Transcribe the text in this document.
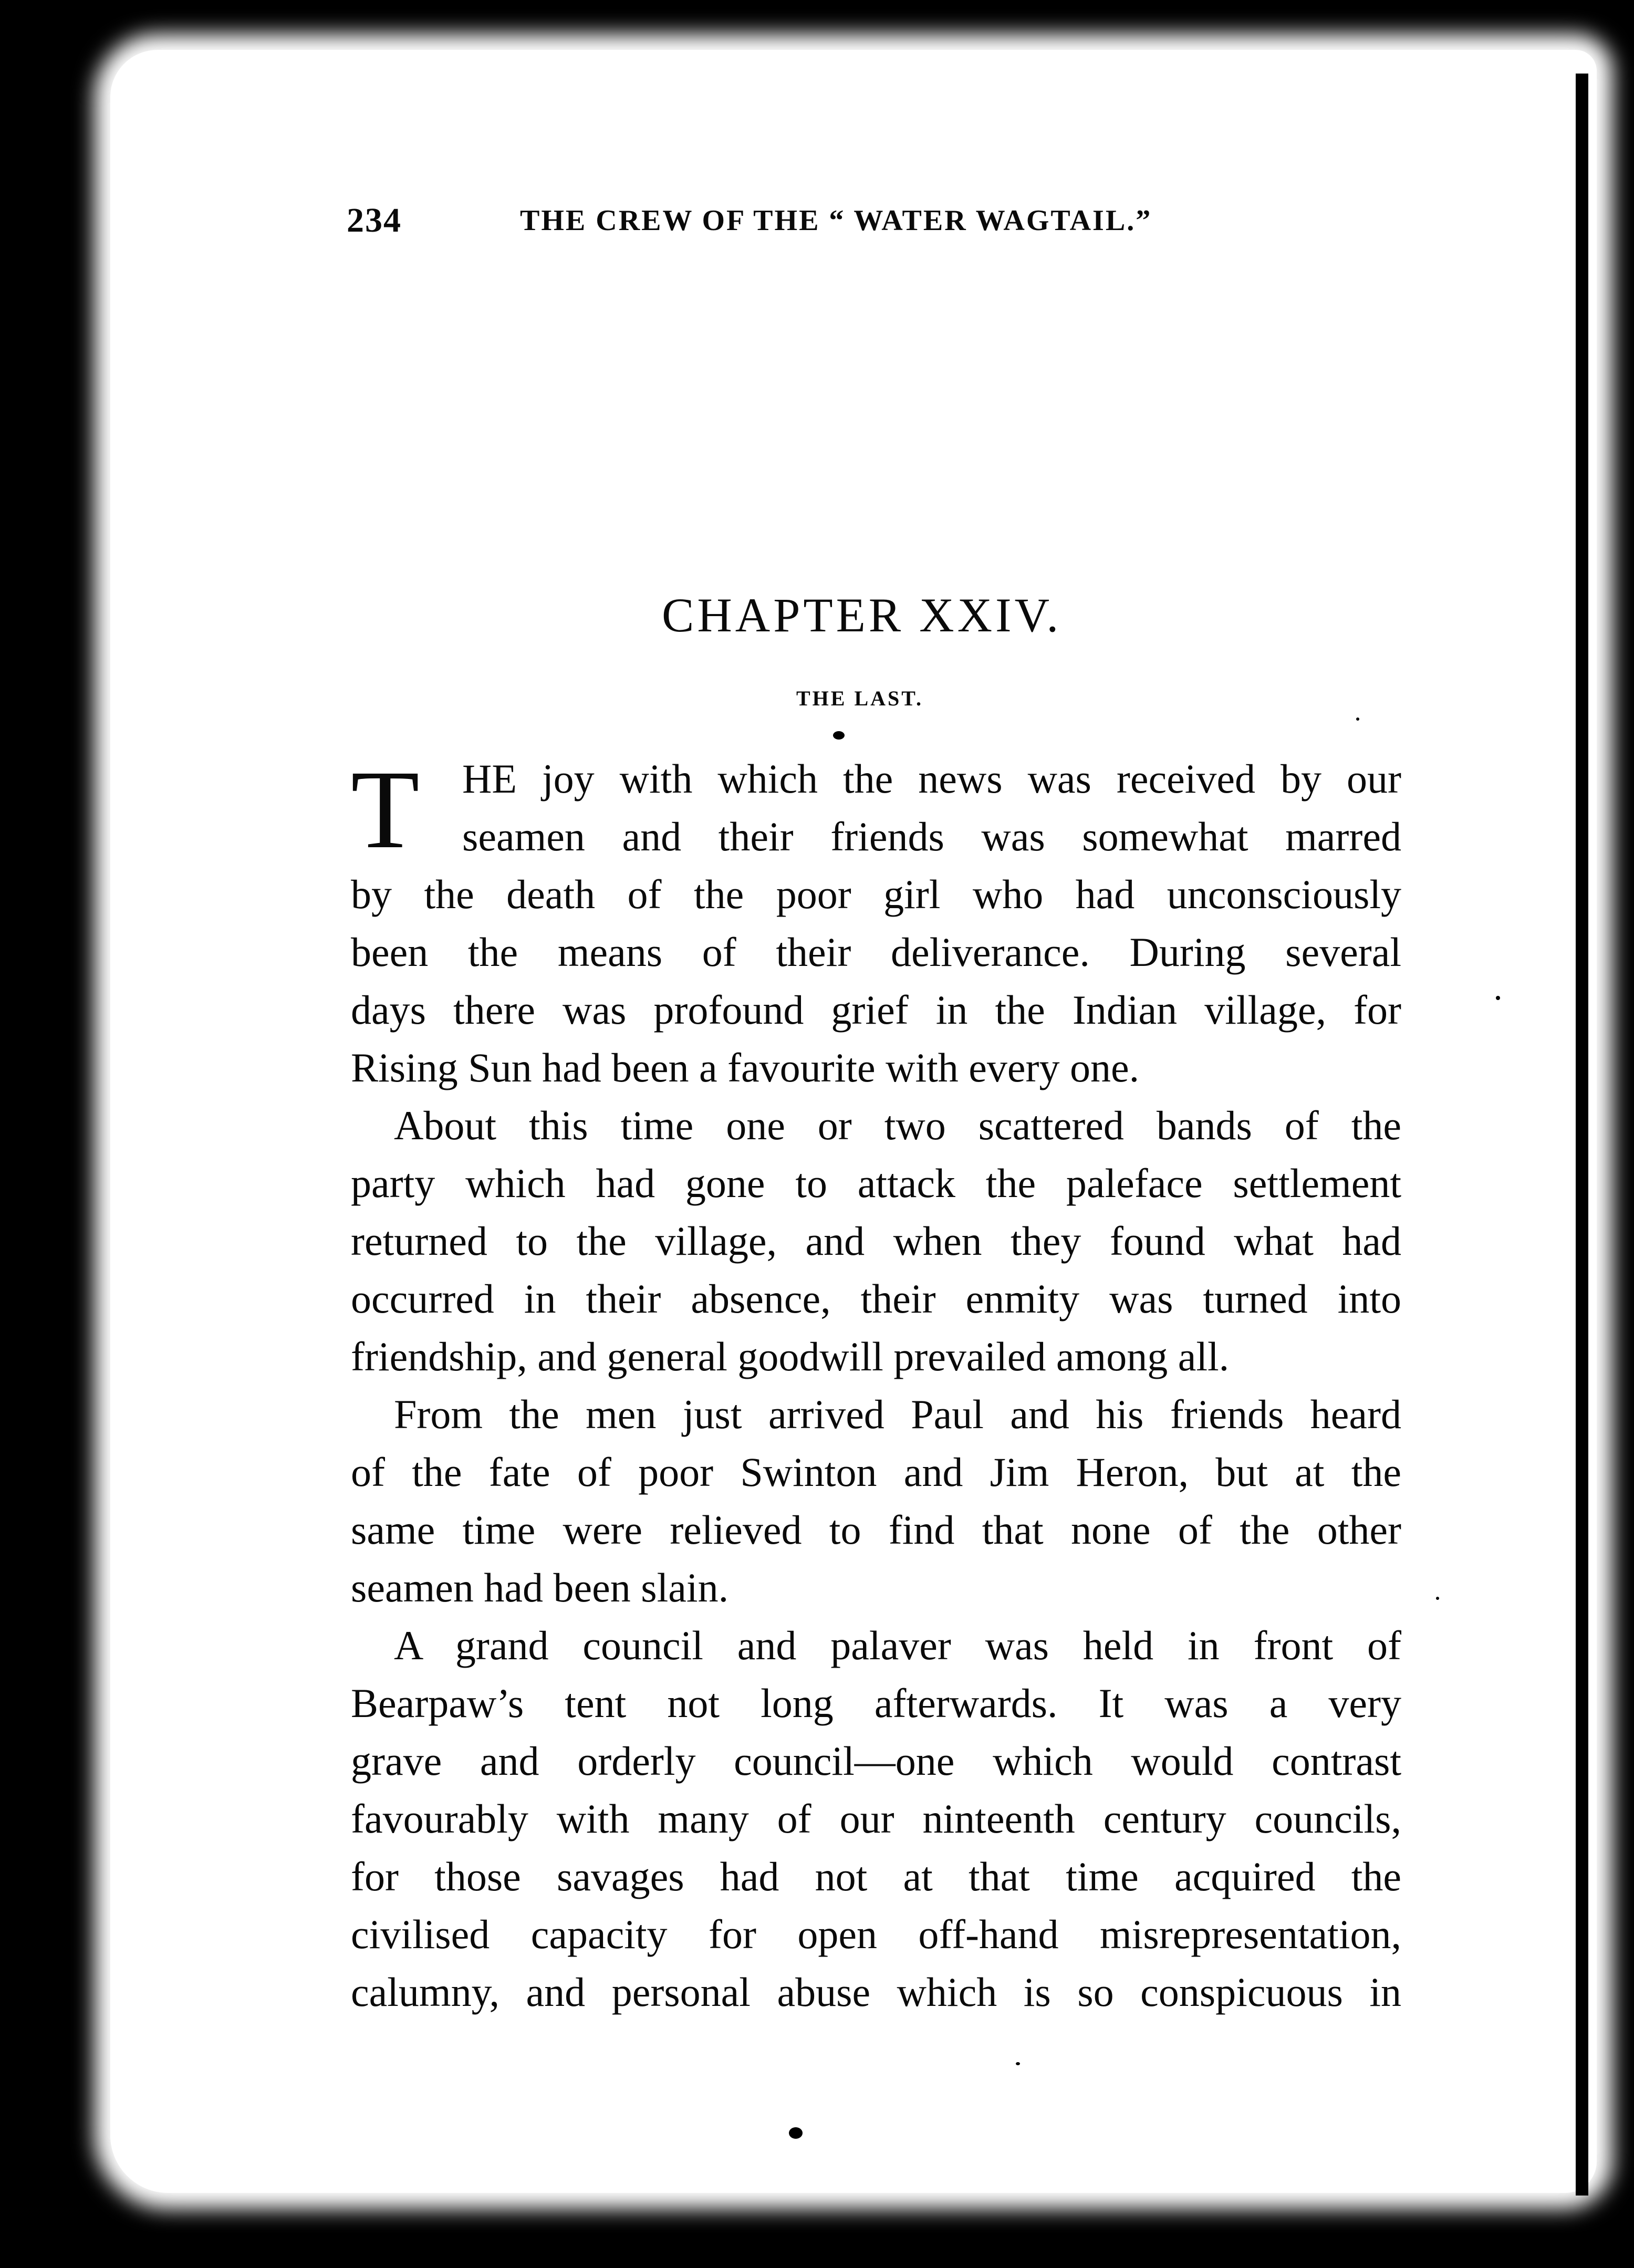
234	THE CREW OF THE “ WATER WAGTAIL.”
CHAPTER XXIV.
THE LAST.
T	HE joy with which the news was received by our
seamen and their friends was somewhat marred
by the death of the poor girl who had unconsciously
been the means of their deliverance. During several
days there was profound grief in the Indian village, for
Rising Sun had been a favourite with every one.
About this time one or two scattered bands of the
party which had gone to attack the paleface settlement
returned to the village, and when they found what had
occurred in their absence, their enmity was turned into
friendship, and general goodwill prevailed among all.
From the men just arrived Paul and his friends heard
of the fate of poor Swinton and Jim Heron, but at the
same time were relieved to find that none of the other
seamen had been slain.
A grand council and palaver was held in front of
Bearpaw’s tent not long afterwards. It was a very
grave and orderly council—one which would contrast
favourably with many of our ninteenth century councils,
for those savages had not at that time acquired the
civilised capacity for open off-hand misrepresentation,
calumny, and personal abuse which is so conspicuous in
